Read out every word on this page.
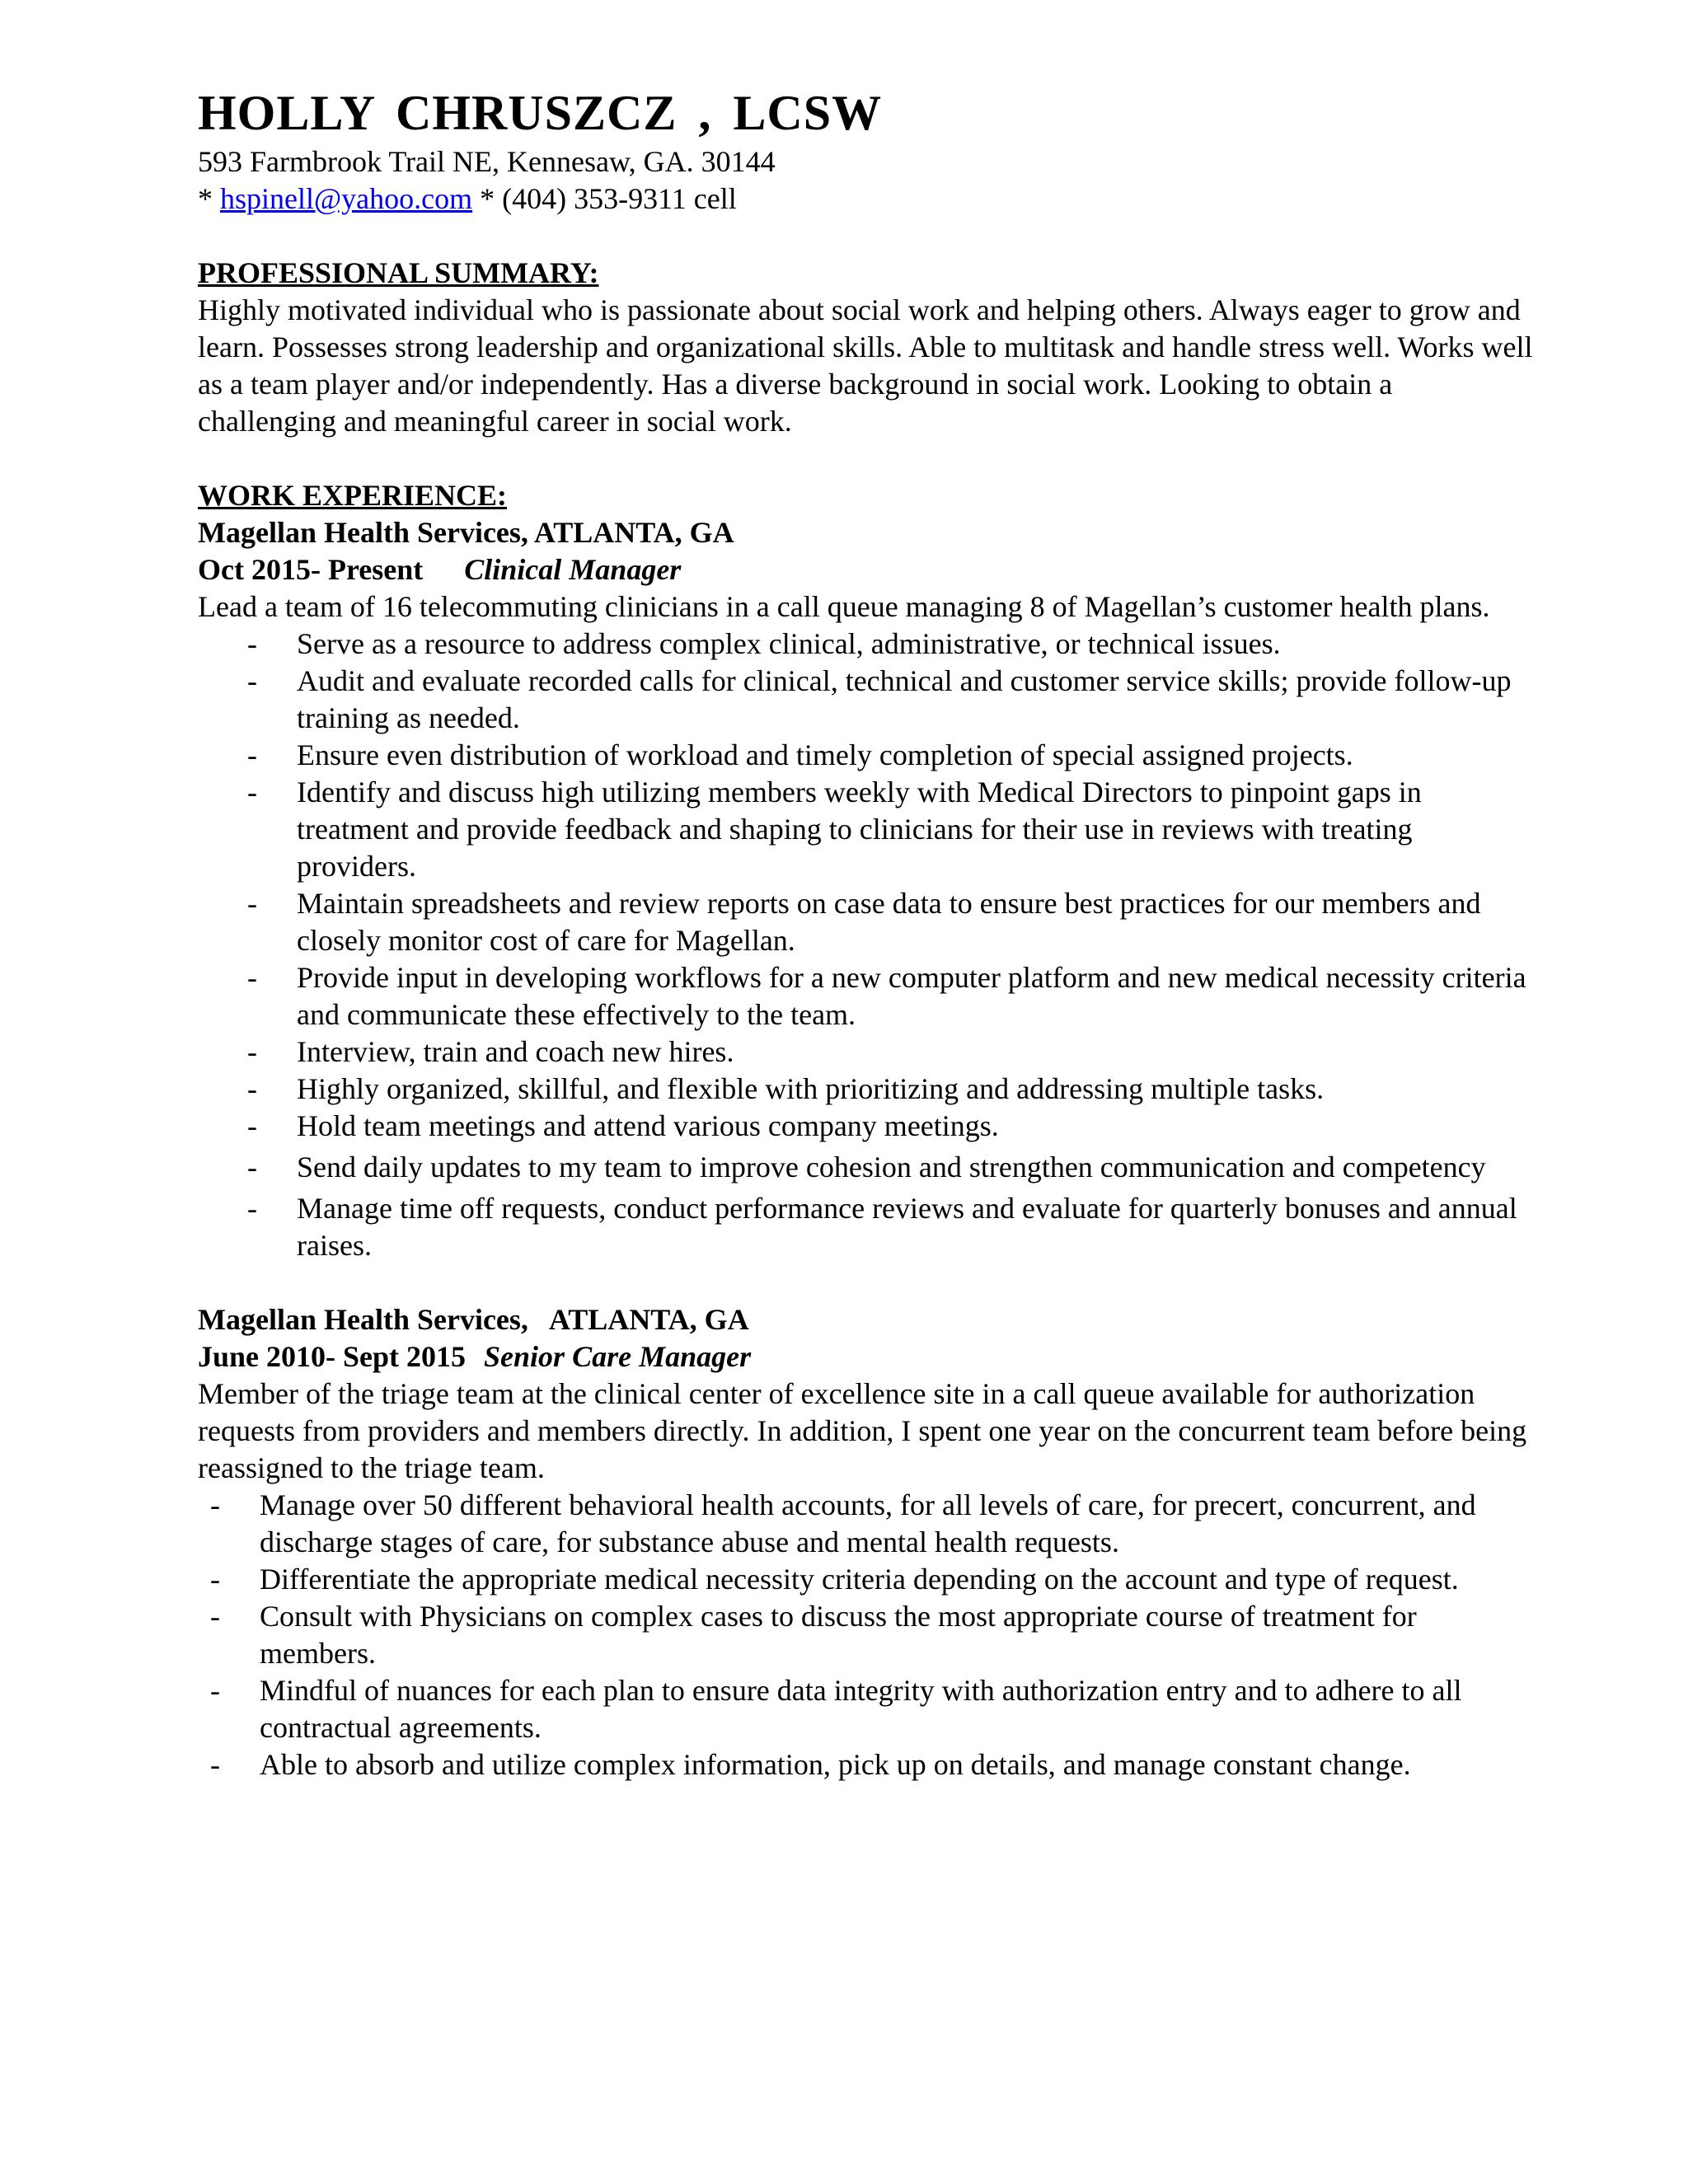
HOLLY CHRUSZCZ , LCSW

593 Farmbrook Trail NE, Kennesaw, GA. 30144

* hspinell@yahoo.com * (404) 353-9311 cell

PROFESSIONAL SUMMARY:

Highly motivated individual who is passionate about social work and helping others. Always eager to grow and learn. Possesses strong leadership and organizational skills. Able to multitask and handle stress well. Works well as a team player and/or independently. Has a diverse background in social work. Looking to obtain a challenging and meaningful career in social work.

WORK EXPERIENCE:

Magellan Health Services, ATLANTA, GA

Oct 2015- Present Clinical Manager

Lead a team of 16 telecommuting clinicians in a call queue managing 8 of Magellan’s customer health plans.

- Serve as a resource to address complex clinical, administrative, or technical issues.
- Audit and evaluate recorded calls for clinical, technical and customer service skills; provide follow-up training as needed.
- Ensure even distribution of workload and timely completion of special assigned projects.
- Identify and discuss high utilizing members weekly with Medical Directors to pinpoint gaps in treatment and provide feedback and shaping to clinicians for their use in reviews with treating providers.
- Maintain spreadsheets and review reports on case data to ensure best practices for our members and closely monitor cost of care for Magellan.
- Provide input in developing workflows for a new computer platform and new medical necessity criteria and communicate these effectively to the team.
- Interview, train and coach new hires.
- Highly organized, skillful, and flexible with prioritizing and addressing multiple tasks.
- Hold team meetings and attend various company meetings.
- Send daily updates to my team to improve cohesion and strengthen communication and competency
- Manage time off requests, conduct performance reviews and evaluate for quarterly bonuses and annual raises.

Magellan Health Services,   ATLANTA, GA

June 2010- Sept 2015 Senior Care Manager

Member of the triage team at the clinical center of excellence site in a call queue available for authorization requests from providers and members directly. In addition, I spent one year on the concurrent team before being reassigned to the triage team.

- Manage over 50 different behavioral health accounts, for all levels of care, for precert, concurrent, and discharge stages of care, for substance abuse and mental health requests.
- Differentiate the appropriate medical necessity criteria depending on the account and type of request.
- Consult with Physicians on complex cases to discuss the most appropriate course of treatment for members.
- Mindful of nuances for each plan to ensure data integrity with authorization entry and to adhere to all contractual agreements.
- Able to absorb and utilize complex information, pick up on details, and manage constant change.
